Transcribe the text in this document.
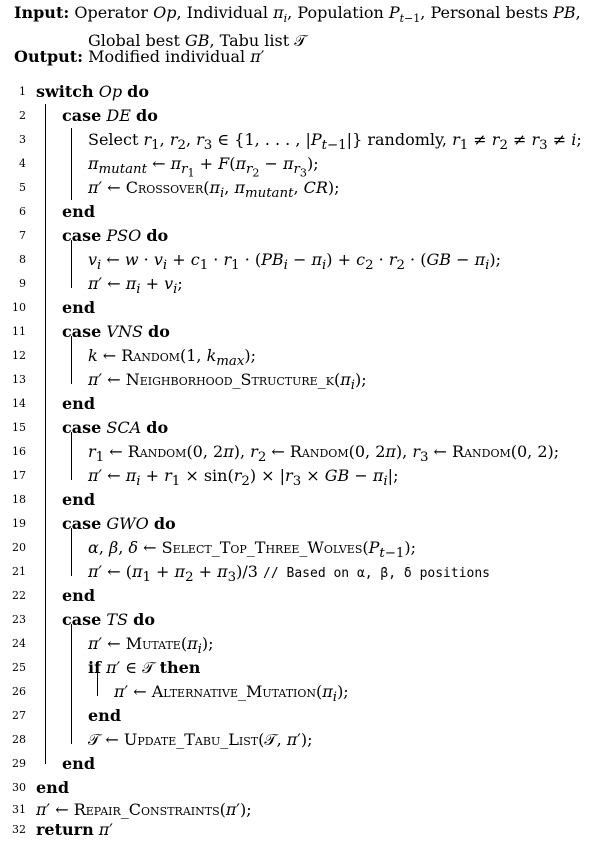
Input: Operator Op, Individual $\pi_i$, Population $P_{t-1}$, Personal bests PB, Global best GB, Tabu list 𝒯
Output: Modified individual π′
1 switch Op do
2 case DE do
3	Select $r_1$, $r_2$, $r_3$ ∈ {1, . . . , $|P_{t-1}|$} randomly, $r_1 \ne r_2 \ne r_3 \ne i$;
4	$\pi_{mutant}$ ← $\pi_{r_1} + F(\pi_{r_2} - \pi_{r_3})$;
5	π′ ← $Crossover(\pi_i$, $\pi_{mutant}$, CR);
6 end
7 case PSO do
8	$v_i$ ← $w \cdot v_i + c_1 \cdot r_1 \cdot (PB_i - \pi_i) + c_2 \cdot r_2 \cdot (GB - \pi_i)$;
9	π′ ← $\pi_i + v_i$;
10 end
11 case VNS do
12	k ← Random(1, $k_{max}$);
13	π′ ← $Neighborhood\_Structure\_k(\pi_i)$;
14 end
15 case SCA do
16	$r_1$ ← Random(0, 2π), $r_2$ ← Random(0, 2π), $r_3$ ← Random(0, 2);
17	π′ ← $\pi_i + r_1 \times \sin(r_2) \times |r_3$ × GB − $\pi_i|$;
18 end
19 case GWO do
20	α, β, δ ← $Select\_Top\_Three\_Wolves(P_{t-1})$;
21	π′ ← $(\pi_1 + \pi_2 + \pi_3)/3$ // Based on α, β, δ positions
22 end
23 case TS do
24	π′ ← $Mutate(\pi_i)$;
25	if π′ ∈ 𝒯 then
26	π′ ← $Alternative\_Mutation(\pi_i)$;
27	end
28	𝒯 ← Update_Tabu_List(𝒯, π′);
29 end
30 end
31 π′ ← Repair_Constraints(π′);
32 return π′
